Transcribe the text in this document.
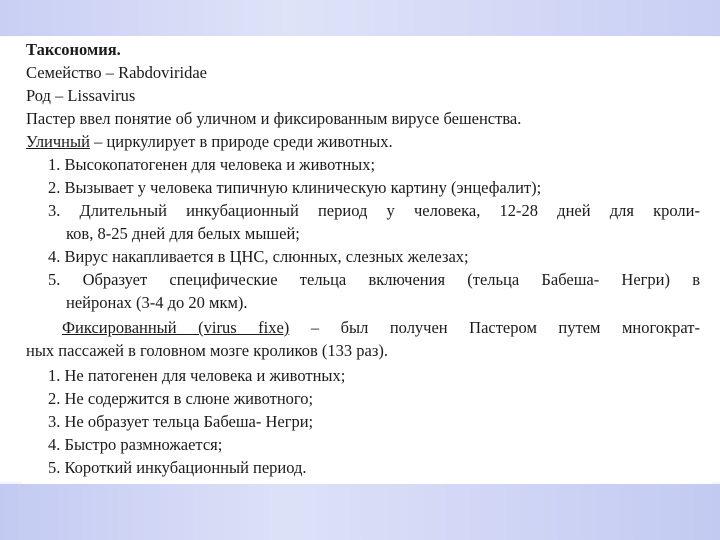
Таксономия.
Семейство – Rabdoviridae
Род – Lissavirus
Пастер ввел понятие об уличном и фиксированным вирусе бешенства.
Уличный – циркулирует в природе среди животных.
1. Высокопатогенен для человека и животных;
2. Вызывает у человека типичную клиническую картину (энцефалит);
3. Длительный инкубационный период у человека, 12-28 дней для кроли-
ков, 8-25 дней для белых мышей;
4. Вирус накапливается в ЦНС, слюнных, слезных железах;
5. Образует специфические тельца включения (тельца Бабеша- Негри) в
нейронах (3-4 до 20 мкм).
Фиксированный (virus fixe) – был получен Пастером путем многократ-
ных пассажей в головном мозге кроликов (133 раз).
1. Не патогенен для человека и животных;
2. Не содержится в слюне животного;
3. Не образует тельца Бабеша- Негри;
4. Быстро размножается;
5. Короткий инкубационный период.
